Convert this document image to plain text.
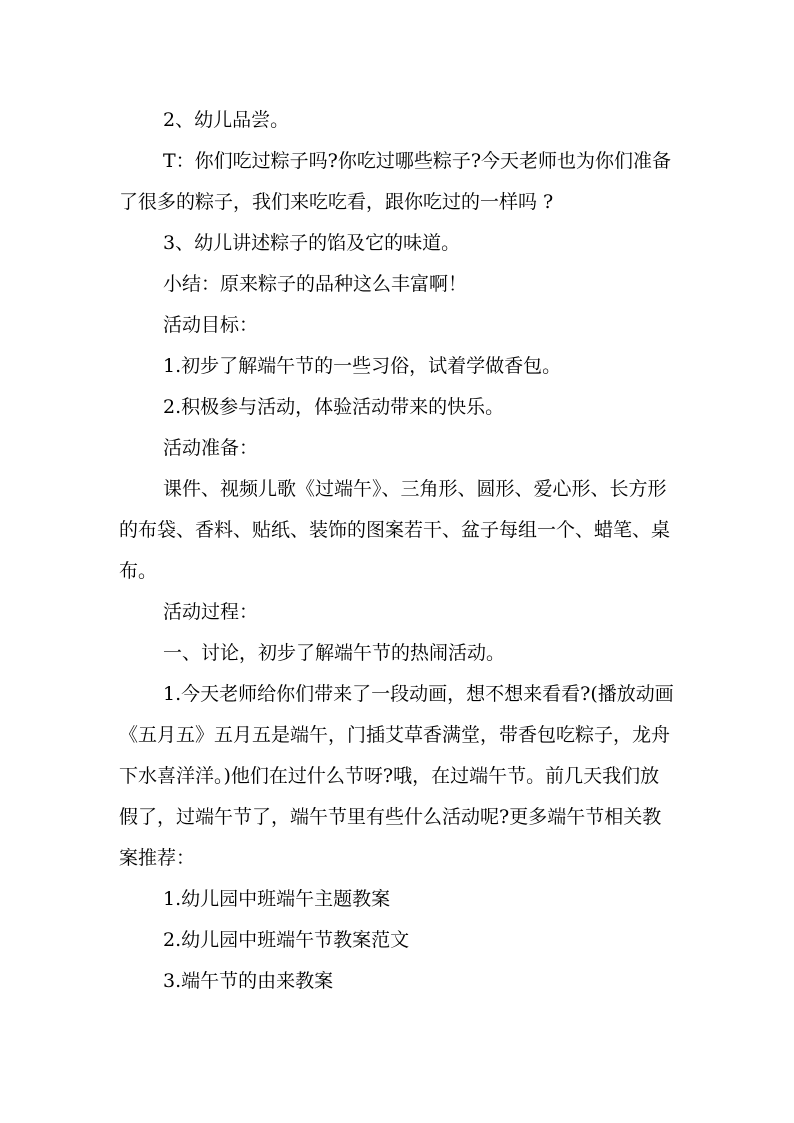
2、幼儿品尝。

T：你们吃过粽子吗?你吃过哪些粽子?今天老师也为你们准备了很多的粽子，我们来吃吃看，跟你吃过的一样吗 ?

3、幼儿讲述粽子的馅及它的味道。

小结：原来粽子的品种这么丰富啊！

活动目标：

1.初步了解端午节的一些习俗，试着学做香包。

2.积极参与活动，体验活动带来的快乐。

活动准备：

课件、视频儿歌《过端午》、三角形、圆形、爱心形、长方形的布袋、香料、贴纸、装饰的图案若干、盆子每组一个、蜡笔、桌布。

活动过程：

一、讨论，初步了解端午节的热闹活动。

1.今天老师给你们带来了一段动画，想不想来看看?(播放动画《五月五》五月五是端午，门插艾草香满堂，带香包吃粽子，龙舟下水喜洋洋。)他们在过什么节呀?哦，在过端午节。前几天我们放假了，过端午节了，端午节里有些什么活动呢?更多端午节相关教案推荐：

1.幼儿园中班端午主题教案

2.幼儿园中班端午节教案范文

3.端午节的由来教案
